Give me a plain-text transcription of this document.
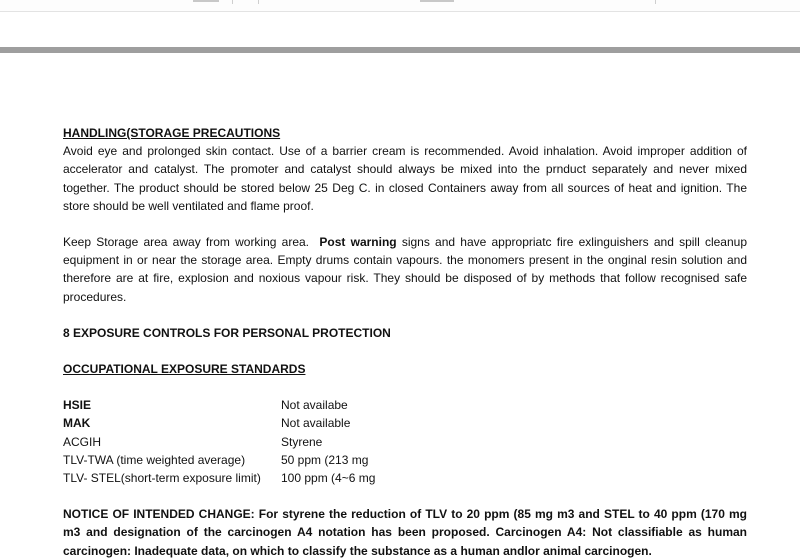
HANDLING(STORAGE PRECAUTIONS

Avoid eye and prolonged skin contact. Use of a barrier cream is recommended. Avoid inhalation. Avoid improper addition of accelerator and catalyst. The promoter and catalyst should always be mixed into the prnduct separately and never mixed together. The product should be stored below 25 Deg C. in closed Containers away from all sources of heat and ignition. The store should be well ventilated and flame proof.

Keep Storage area away from working area.  Post warning signs and have appropriatc fire exlinguishers and spill cleanup equipment in or near the storage area. Empty drums contain vapours. the monomers present in the onginal resin solution and therefore are at fire, explosion and noxious vapour risk. They should be disposed of by methods that follow recognised safe procedures.

8 EXPOSURE CONTROLS FOR PERSONAL PROTECTION

OCCUPATIONAL EXPOSURE STANDARDS

HSIE	Not availabe
MAK	Not available
ACGIH	Styrene
TLV-TWA (time weighted average)	50 ppm (213 mg
TLV- STEL(short-term exposure limit)	100 ppm (4~6 mg

NOTICE OF INTENDED CHANGE: For styrene the reduction of TLV to 20 ppm (85 mg m3 and STEL to 40 ppm (170 mg m3 and designation of the carcinogen A4 notation has been proposed. Carcinogen A4: Not classifiable as human carcinogen: Inadequate data, on which to classify the substance as a human andlor animal carcinogen.
